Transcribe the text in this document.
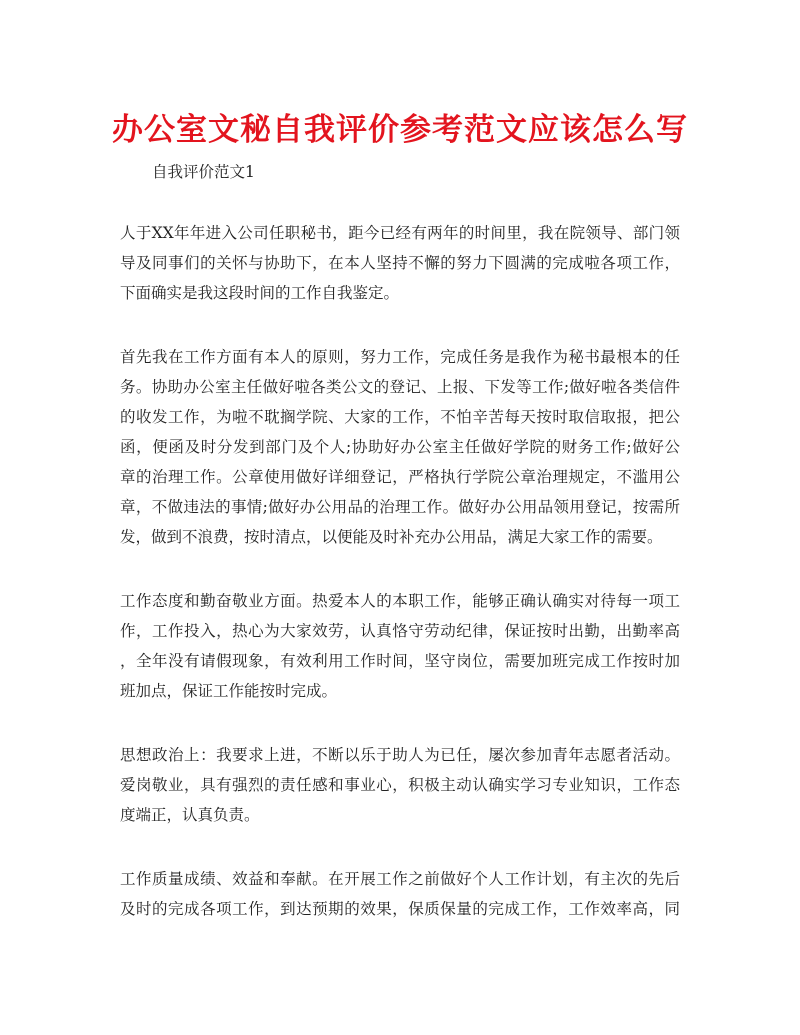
办公室文秘自我评价参考范文应该怎么写
自我评价范文1
人于XX年年进入公司任职秘书，距今已经有两年的时间里，我在院领导、部门领
导及同事们的关怀与协助下，在本人坚持不懈的努力下圆满的完成啦各项工作，
下面确实是我这段时间的工作自我鉴定。
首先我在工作方面有本人的原则，努力工作，完成任务是我作为秘书最根本的任
务。协助办公室主任做好啦各类公文的登记、上报、下发等工作;做好啦各类信件
的收发工作，为啦不耽搁学院、大家的工作，不怕辛苦每天按时取信取报，把公
函，便函及时分发到部门及个人;协助好办公室主任做好学院的财务工作;做好公
章的治理工作。公章使用做好详细登记，严格执行学院公章治理规定，不滥用公
章，不做违法的事情;做好办公用品的治理工作。做好办公用品领用登记，按需所
发，做到不浪费，按时清点，以便能及时补充办公用品，满足大家工作的需要。
工作态度和勤奋敬业方面。热爱本人的本职工作，能够正确认确实对待每一项工
作，工作投入，热心为大家效劳，认真恪守劳动纪律，保证按时出勤，出勤率高
，全年没有请假现象，有效利用工作时间，坚守岗位，需要加班完成工作按时加
班加点，保证工作能按时完成。
思想政治上：我要求上进，不断以乐于助人为已任，屡次参加青年志愿者活动。
爱岗敬业，具有强烈的责任感和事业心，积极主动认确实学习专业知识，工作态
度端正，认真负责。
工作质量成绩、效益和奉献。在开展工作之前做好个人工作计划，有主次的先后
及时的完成各项工作，到达预期的效果，保质保量的完成工作，工作效率高，同
